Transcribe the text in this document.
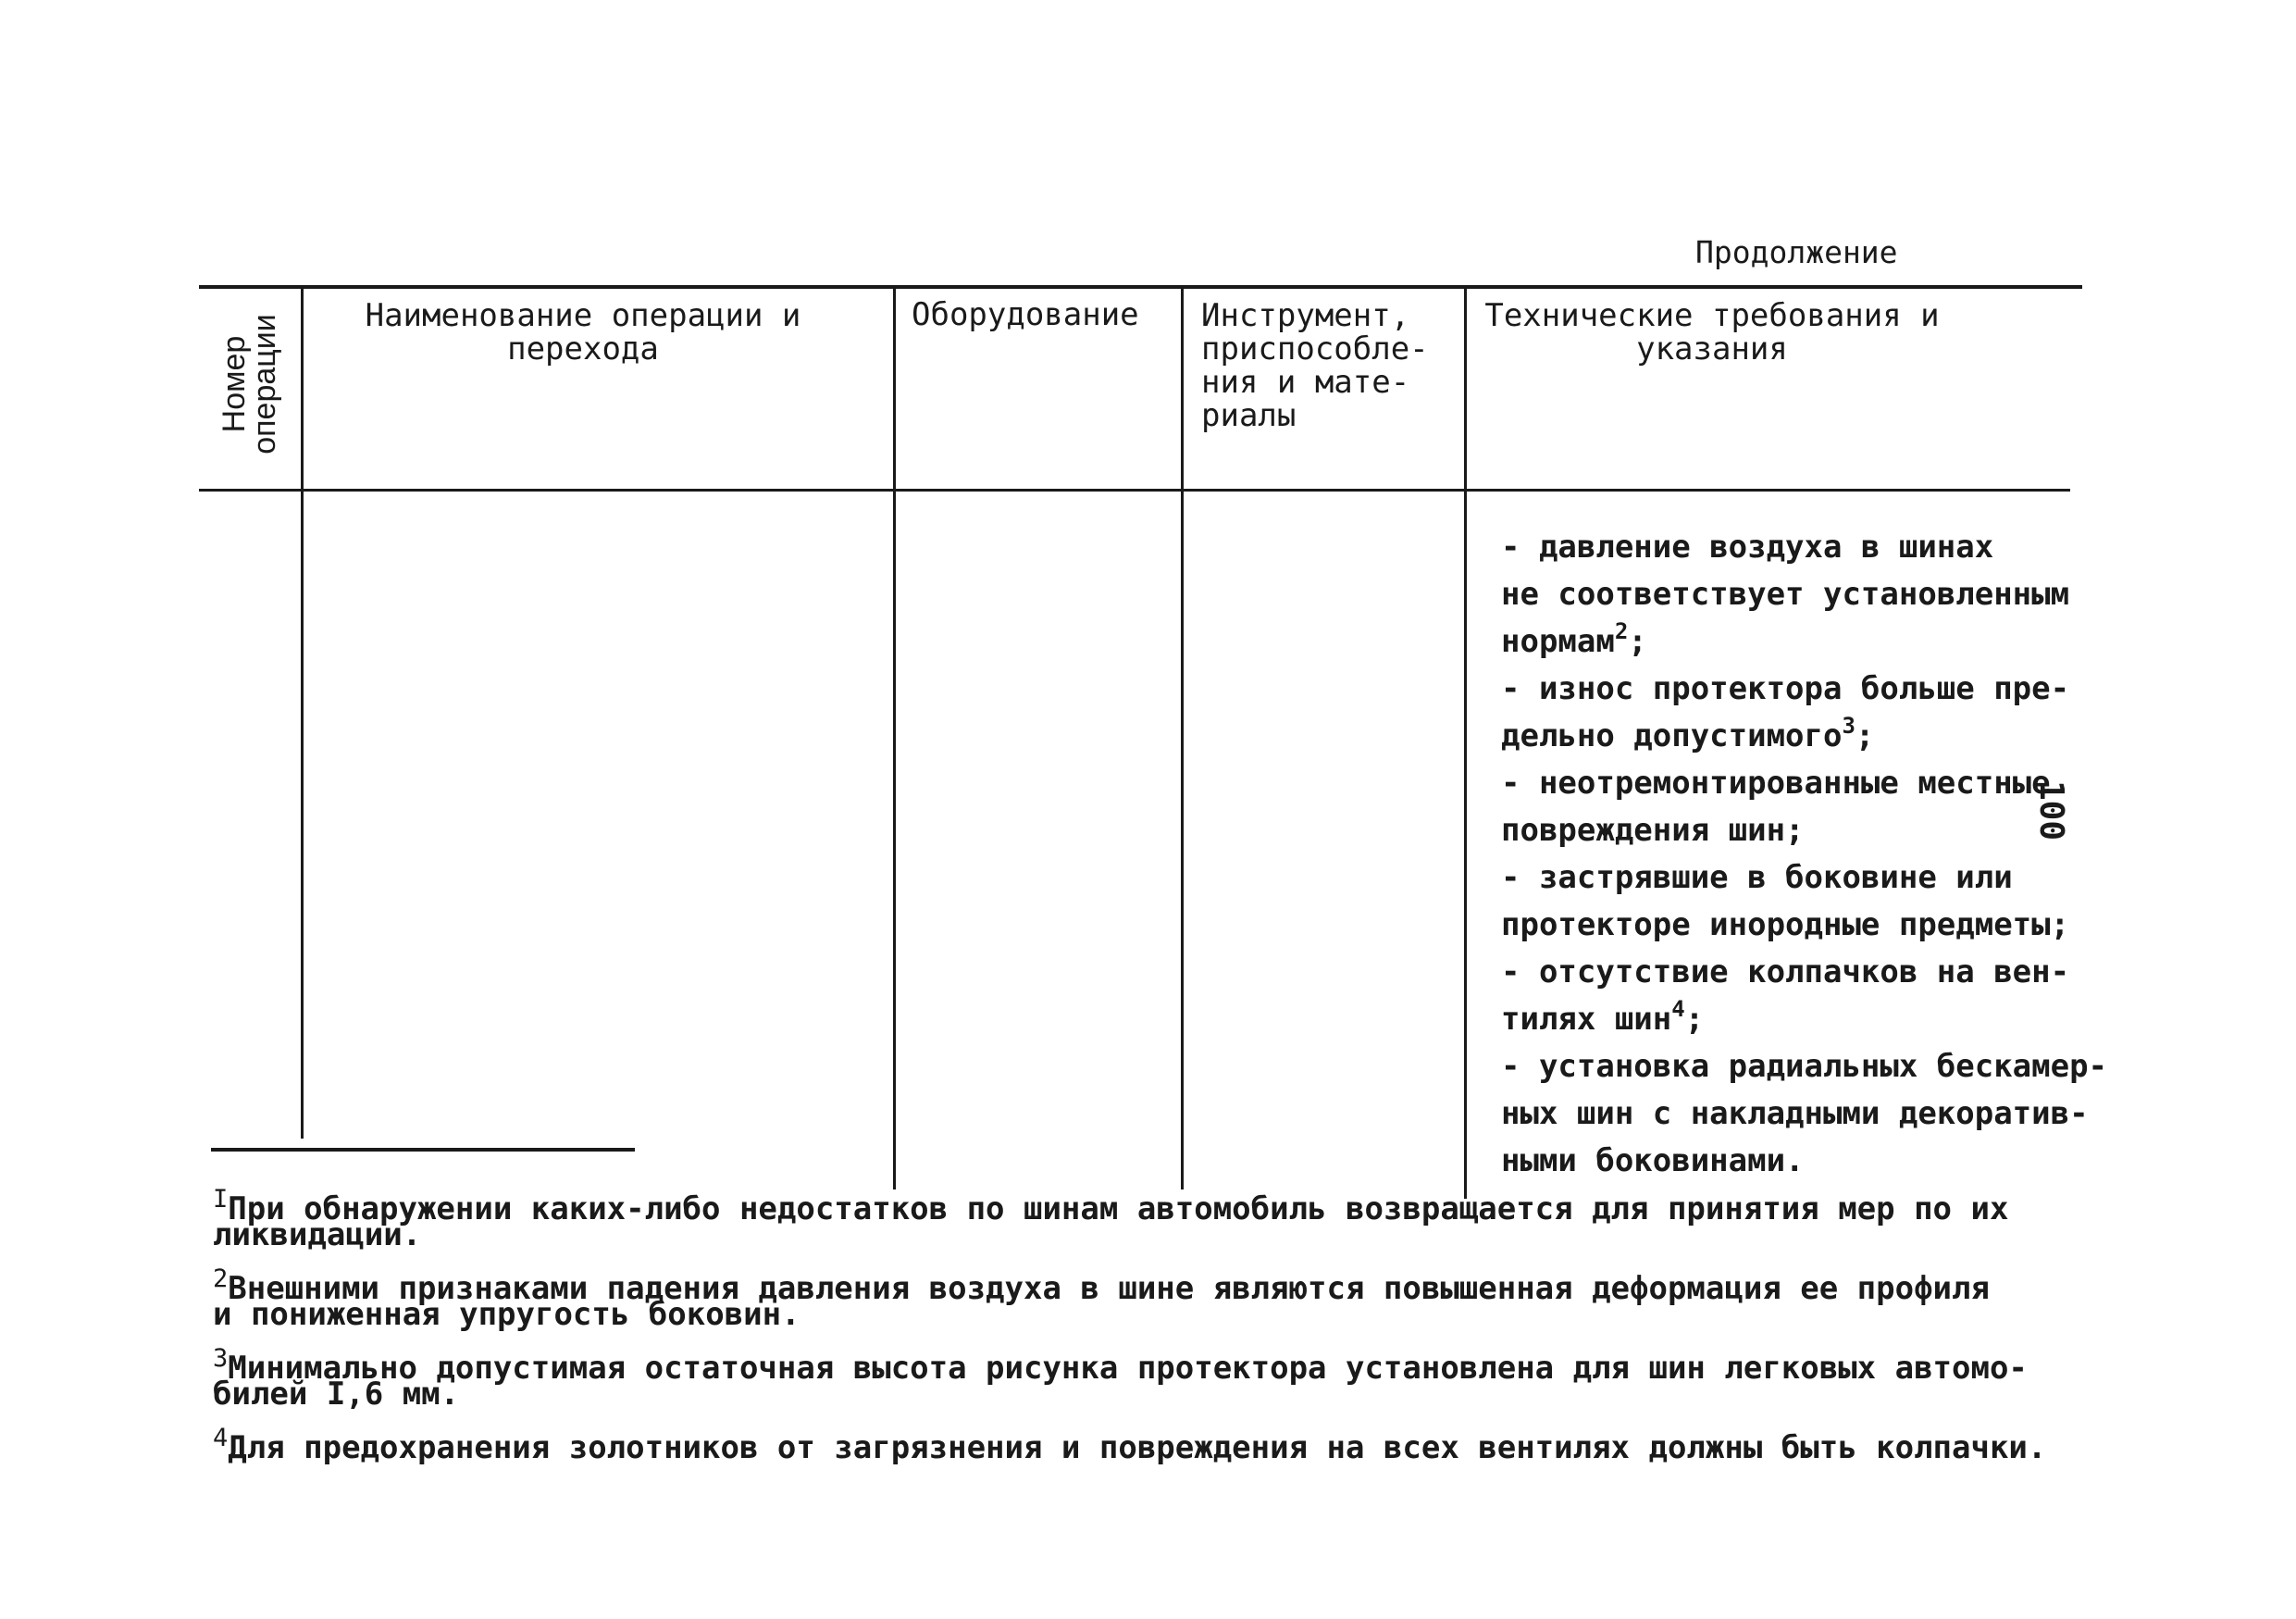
Продолжение
Номер
операции	Наименование операции и
перехода
Оборудование Инструмент,
приспособле-
ния и мате-
риалы
Технические требования и
указания
- давление воздуха в шинах
не соответствует установленным
нормам$^2$;
- износ протектора больше пре-
дельно допустимого$^3$;
- неотремонтированные местные
повреждения шин;
- застрявшие в боковине или
протекторе инородные предметы;
- отсутствие колпачков на вен-
тилях шин$^4$;
- установка радиальных бескамер-
ных шин с накладными декоратив-
ными боковинами.
100
$^I$При обнаружении каких-либо недостатков по шинам автомобиль возвращается для принятия мер по их
ликвидации.
$^2$Внешними признаками падения давления воздуха в шине являются повышенная деформация ее профиля
и пониженная упругость боковин.
$^3$Минимально допустимая остаточная высота рисунка протектора установлена для шин легковых автомо-
билей I,6 мм.
$^4$Для предохранения золотников от загрязнения и повреждения на всех вентилях должны быть колпачки.
